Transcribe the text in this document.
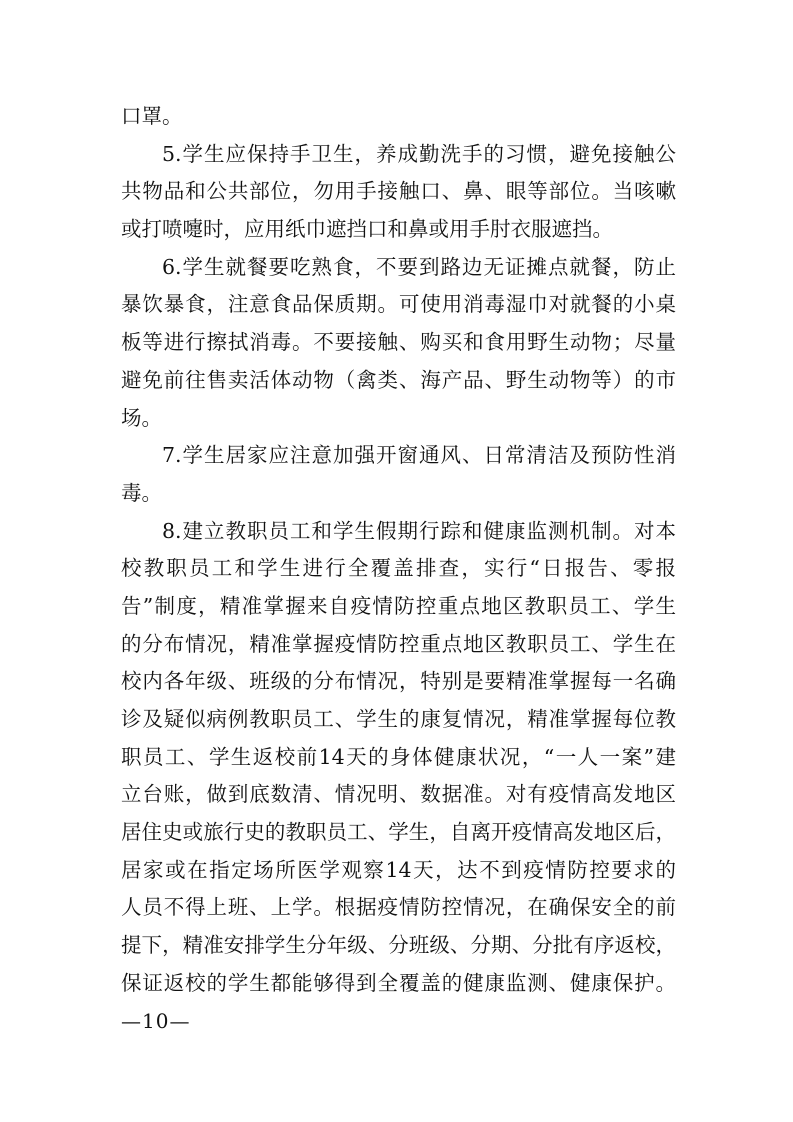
口罩。
5.学生应保持手卫生，养成勤洗手的习惯，避免接触公
共物品和公共部位，勿用手接触口、鼻、眼等部位。当咳嗽
或打喷嚏时，应用纸巾遮挡口和鼻或用手肘衣服遮挡。
6.学生就餐要吃熟食，不要到路边无证摊点就餐，防止
暴饮暴食，注意食品保质期。可使用消毒湿巾对就餐的小桌
板等进行擦拭消毒。不要接触、购买和食用野生动物；尽量
避免前往售卖活体动物（禽类、海产品、野生动物等）的市
场。
7.学生居家应注意加强开窗通风、日常清洁及预防性消
毒。
8.建立教职员工和学生假期行踪和健康监测机制。对本
校教职员工和学生进行全覆盖排查，实行“日报告、零报
告”制度，精准掌握来自疫情防控重点地区教职员工、学生
的分布情况，精准掌握疫情防控重点地区教职员工、学生在
校内各年级、班级的分布情况，特别是要精准掌握每一名确
诊及疑似病例教职员工、学生的康复情况，精准掌握每位教
职员工、学生返校前14天的身体健康状况，“一人一案”建
立台账，做到底数清、情况明、数据准。对有疫情高发地区
居住史或旅行史的教职员工、学生，自离开疫情高发地区后，
居家或在指定场所医学观察14天，达不到疫情防控要求的
人员不得上班、上学。根据疫情防控情况，在确保安全的前
提下，精准安排学生分年级、分班级、分期、分批有序返校，
保证返校的学生都能够得到全覆盖的健康监测、健康保护。
—10—
